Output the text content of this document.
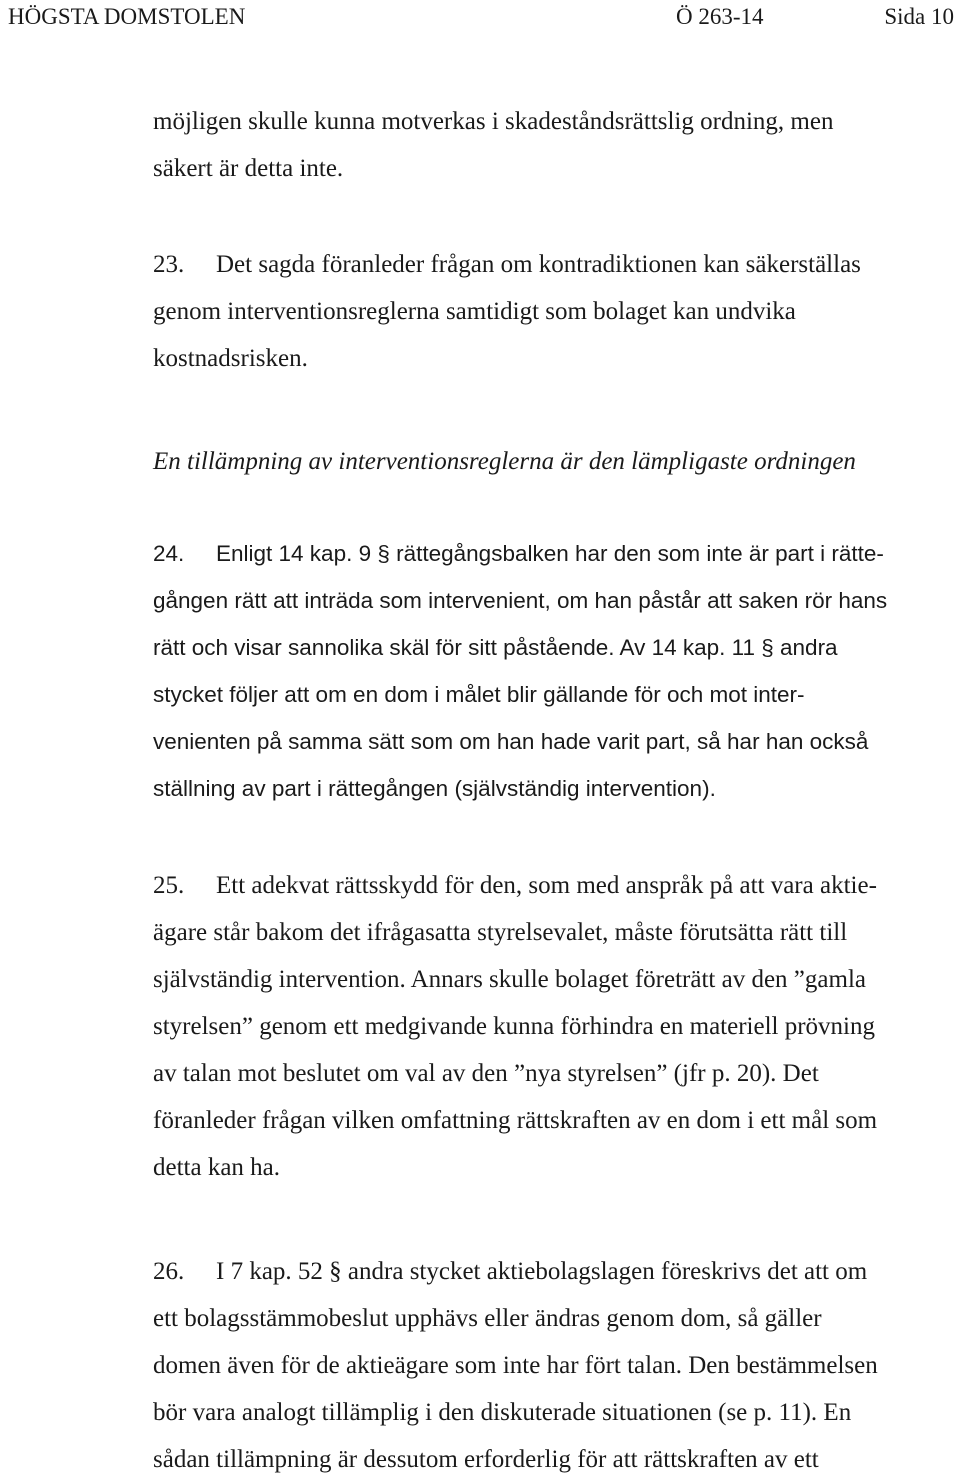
HÖGSTA DOMSTOLEN	Ö 263-14	Sida 10
möjligen skulle kunna motverkas i skadeståndsrättslig ordning, men
säkert är detta inte.
23. Det sagda föranleder frågan om kontradiktionen kan säkerställas
genom interventionsreglerna samtidigt som bolaget kan undvika
kostnadsrisken.
En tillämpning av interventionsreglerna är den lämpligaste ordningen
24. Enligt 14 kap. 9 § rättegångsbalken har den som inte är part i rätte-
gången rätt att inträda som intervenient, om han påstår att saken rör hans
rätt och visar sannolika skäl för sitt påstående. Av 14 kap. 11 § andra
stycket följer att om en dom i målet blir gällande för och mot inter-
venienten på samma sätt som om han hade varit part, så har han också
ställning av part i rättegången (självständig intervention).
25. Ett adekvat rättsskydd för den, som med anspråk på att vara aktie-
ägare står bakom det ifrågasatta styrelsevalet, måste förutsätta rätt till
självständig intervention. Annars skulle bolaget företrätt av den ”gamla
styrelsen” genom ett medgivande kunna förhindra en materiell prövning
av talan mot beslutet om val av den ”nya styrelsen” (jfr p. 20). Det
föranleder frågan vilken omfattning rättskraften av en dom i ett mål som
detta kan ha.
26. I 7 kap. 52 § andra stycket aktiebolagslagen föreskrivs det att om
ett bolagsstämmobeslut upphävs eller ändras genom dom, så gäller
domen även för de aktieägare som inte har fört talan. Den bestämmelsen
bör vara analogt tillämplig i den diskuterade situationen (se p. 11). En
sådan tillämpning är dessutom erforderlig för att rättskraften av ett
